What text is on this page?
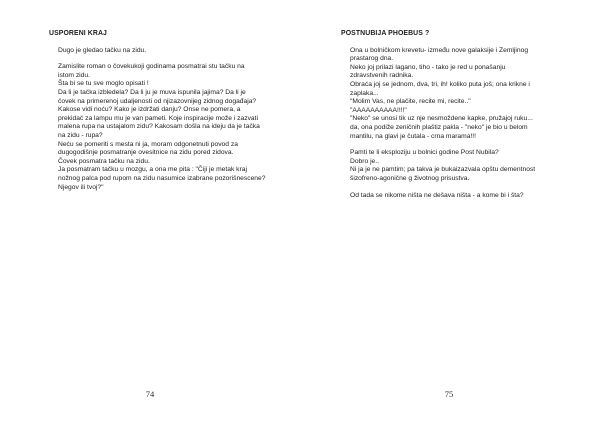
USPORENI KRAJ

Dugo je gledao tačku na zidu.

Zamislite roman o čovekukoji godinama posmatrai stu tačku na
istom zidu.

Šta bi se tu sve moglo opisati !

Da li je tačka izbledela? Da li ju je muva ispunila jajima? Da li je
čovek na primerenoj udaljenosti od njizazovnijeg zidnog događaja?
Kakose vidi noću? Kako je izdržati danju? Onse ne pomera, a
prekidač za lampu mu je van pameti. Koje inspiracije može i zazvati
malena rupa na ustajalom zidu? Kakosam došla na ideju da je tačka
na zidu - rupa?

Neću se pomeriti s mesta ni ja, moram odgonetnuti povod za
dugogodišnje posmatranje ovesitnice na zidu pored zidova.

Čovek posmatra tačku na zidu.

Ja posmatram tačku u mozgu, a ona me pita : "Čiji je metak kraj
nožnog palca pod rupom na zidu nasumice izabrane pozorišnescene?

Njegov ili tvoj?"

74
POSTNUBIJA PHOEBUS ?

Ona u bolničkom krevetu- između nove galaksije i Zemljinog
prastarog dna.

Neko joj prilazi lagano, tiho - tako je red u ponašanju
zdravstvenih radnika.

Obraća joj se jednom, dva, tri, ih! koliko puta još; ona krikne i
zaplaka...

"Molim Vas, ne plačite, recite mi, recite.."

"AAAAAAAAAA!!!!"

"Neko" se unosi tik uz nje nesmoždene kapke, pružajoj ruku...
da, ona podiže zeničnih plaštiz pakla - "neko" je bio u belom
mantilu, na glavi je čutala - crna marama!!!

Pamti te li eksploziju u bolnici godine Post Nubila?

Dobro je..

Ni ja je ne pamtim; pa takva je bukaizazvala opštu dementnost
šizofreno-agonične g životnog prisustva.

Od tada se nikome ništa ne dešava ništa - a kome bi i šta?

75
